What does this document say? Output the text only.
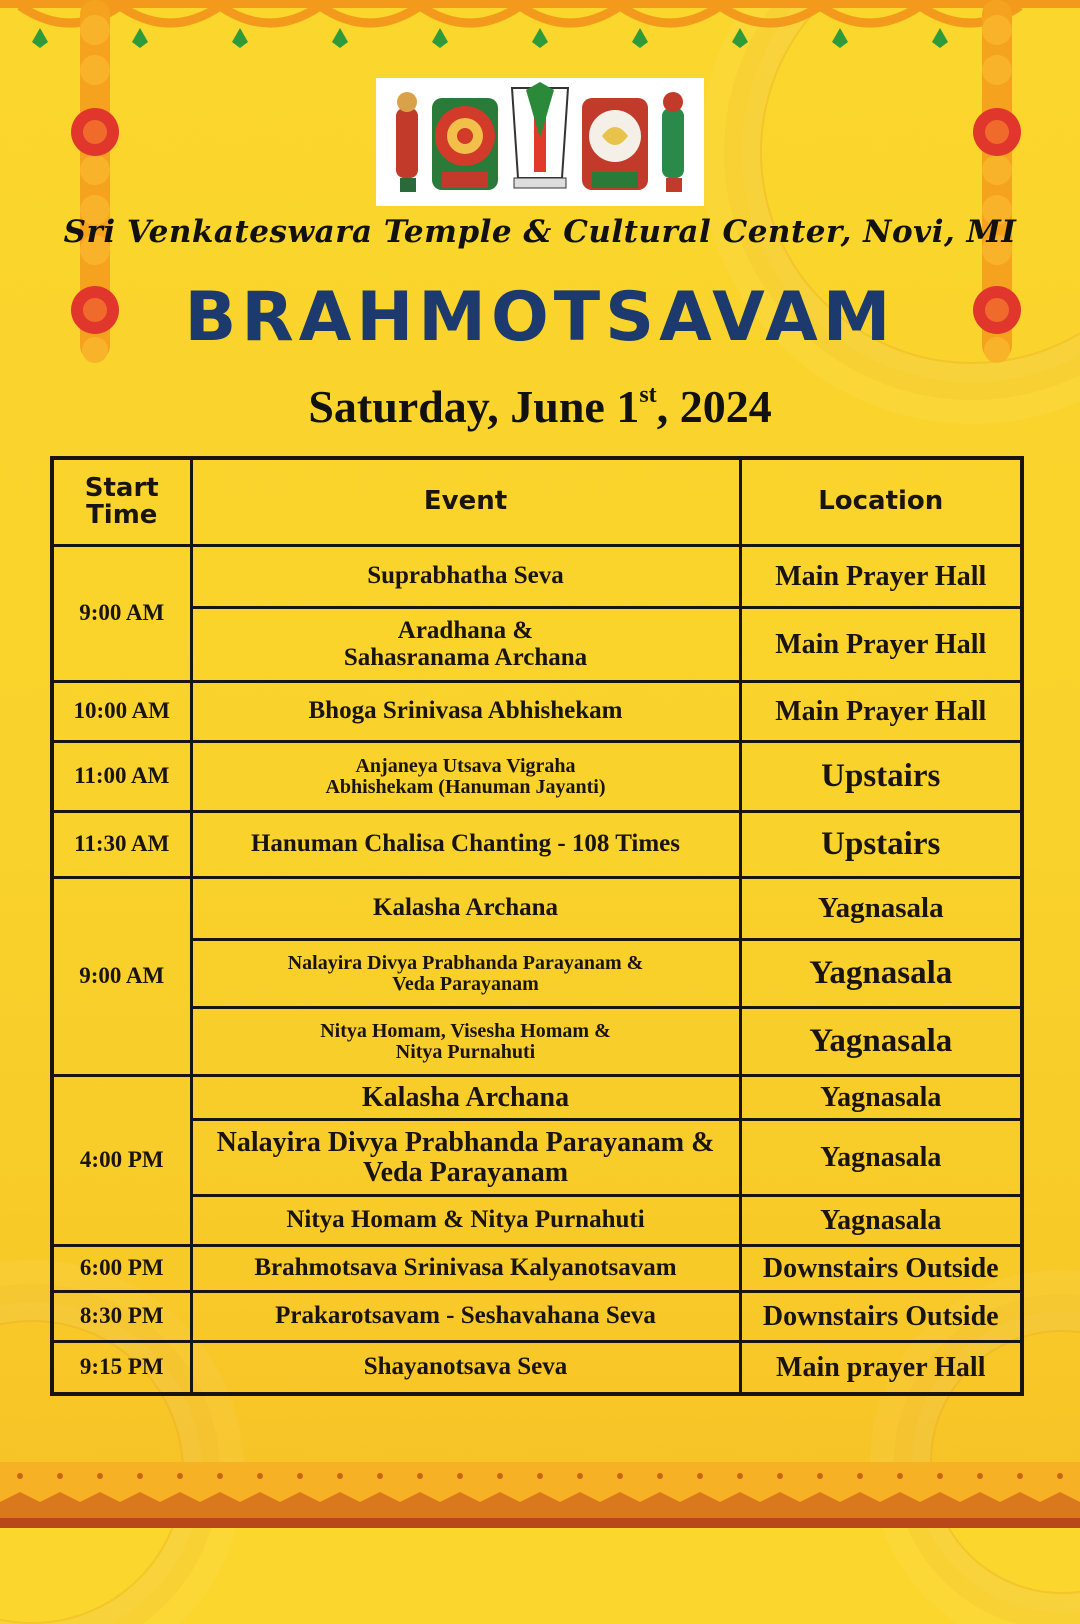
Sri Venkateswara Temple & Cultural Center, Novi, MI
BRAHMOTSAVAM
Saturday, June 1st, 2024
Start
Time	Event	Location
9:00 AM	Suprabhatha Seva	Main Prayer Hall
	Aradhana &
Sahasranama Archana	Main Prayer Hall
10:00 AM	Bhoga Srinivasa Abhishekam	Main Prayer Hall
11:00 AM	Anjaneya Utsava Vigraha
Abhishekam (Hanuman Jayanti)	Upstairs
11:30 AM	Hanuman Chalisa Chanting - 108 Times	Upstairs
9:00 AM	Kalasha Archana	Yagnasala
	Nalayira Divya Prabhanda Parayanam &
Veda Parayanam	Yagnasala
	Nitya Homam, Visesha Homam &
Nitya Purnahuti	Yagnasala
4:00 PM	Kalasha Archana	Yagnasala
	Nalayira Divya Prabhanda Parayanam &
Veda Parayanam	Yagnasala
	Nitya Homam & Nitya Purnahuti	Yagnasala
6:00 PM	Brahmotsava Srinivasa Kalyanotsavam	Downstairs Outside
8:30 PM	Prakarotsavam - Seshavahana Seva	Downstairs Outside
9:15 PM	Shayanotsava Seva	Main prayer Hall
